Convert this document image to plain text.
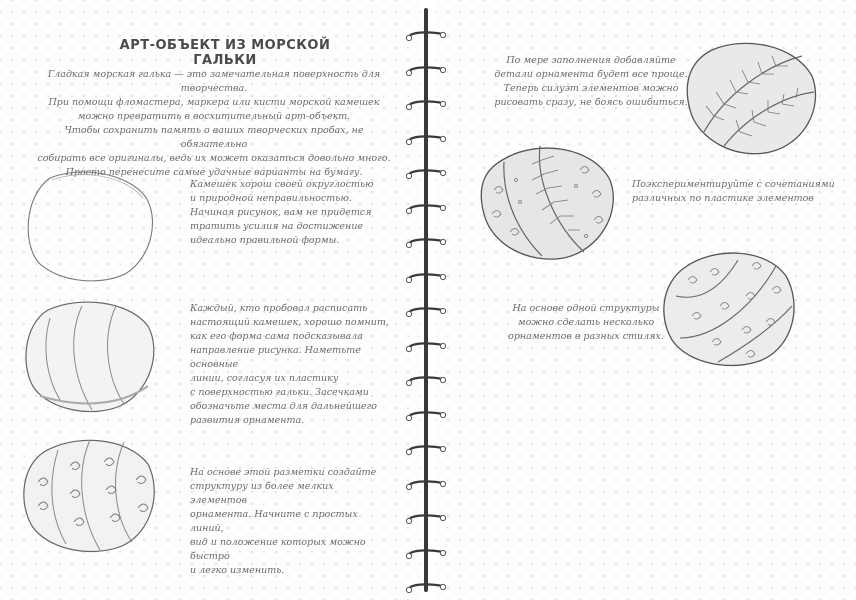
АРТ-ОБЪЕКТ ИЗ МОРСКОЙ ГАЛЬКИ

Гладкая морская галька — это замечательная поверхность для творчества.
При помощи фломастера, маркера или кисти морской камешек
можно превратить в восхитительный арт-объект.
Чтобы сохранить память о ваших творческих пробах, не обязательно
собирать все оригиналы, ведь их может оказаться довольно много.
Просто перенесите самые удачные варианты на бумагу.

Камешек хорош своей округлостью
и природной неправильностью.
Начиная рисунок, вам не придется
тратить усилия на достижение
идеально правильной формы.

Каждый, кто пробовал расписать
настоящий камешек, хорошо помнит,
как его форма сама подсказывала
направление рисунка. Наметьте основные
линии, согласуя их пластику
с поверхностью гальки. Засечками
обозначьте места для дальнейшего
развития орнамента.

На основе этой разметки создайте
структуру из более мелких элементов
орнамента. Начните с простых линий,
вид и положение которых можно быстро
и легко изменить.

По мере заполнения добавляйте
детали орнамента будет все проще.
Теперь силуэт элементов можно
рисовать сразу, не боясь ошибиться.

Поэкспериментируйте с сочетаниями
различных по пластике элементов

На основе одной структуры
можно сделать несколько
орнаментов в разных стилях.
